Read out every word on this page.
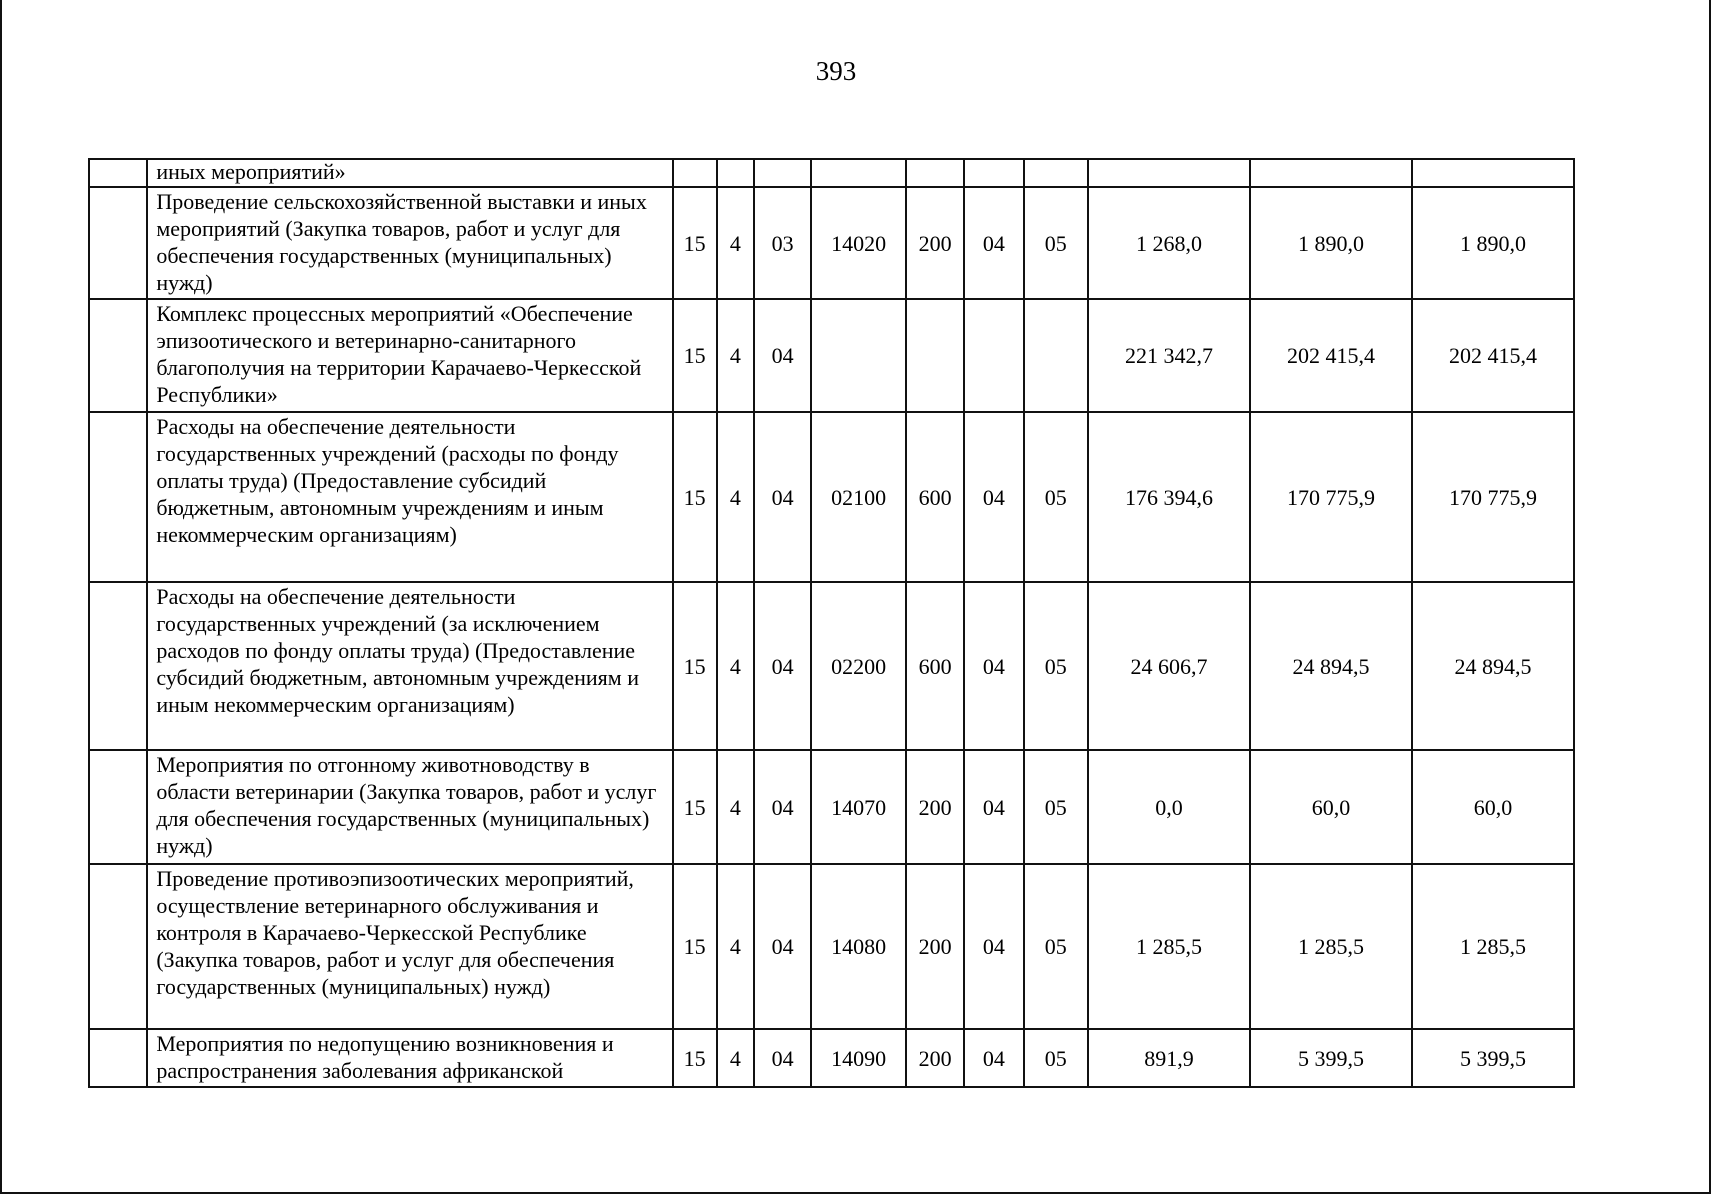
393
	иных мероприятий»										
	Проведение сельскохозяйственной выставки и иных мероприятий (Закупка товаров, работ и услуг для обеспечения государственных (муниципальных) нужд)	15	4	03	14020	200	04	05	1 268,0	1 890,0	1 890,0
	Комплекс процессных мероприятий «Обеспечение эпизоотического и ветеринарно-санитарного благополучия на территории Карачаево-Черкесской Республики»	15	4	04					221 342,7	202 415,4	202 415,4
	Расходы на обеспечение деятельности государственных учреждений (расходы по фонду оплаты труда) (Предоставление субсидий бюджетным, автономным учреждениям и иным некоммерческим организациям)	15	4	04	02100	600	04	05	176 394,6	170 775,9	170 775,9
	Расходы на обеспечение деятельности государственных учреждений (за исключением расходов по фонду оплаты труда) (Предоставление субсидий бюджетным, автономным учреждениям и иным некоммерческим организациям)	15	4	04	02200	600	04	05	24 606,7	24 894,5	24 894,5
	Мероприятия по отгонному животноводству в области ветеринарии (Закупка товаров, работ и услуг для обеспечения государственных (муниципальных) нужд)	15	4	04	14070	200	04	05	0,0	60,0	60,0
	Проведение противоэпизоотических мероприятий, осуществление ветеринарного обслуживания и контроля в Карачаево-Черкесской Республике (Закупка товаров, работ и услуг для обеспечения государственных (муниципальных) нужд)	15	4	04	14080	200	04	05	1 285,5	1 285,5	1 285,5
	Мероприятия по недопущению возникновения и распространения заболевания африканской	15	4	04	14090	200	04	05	891,9	5 399,5	5 399,5
